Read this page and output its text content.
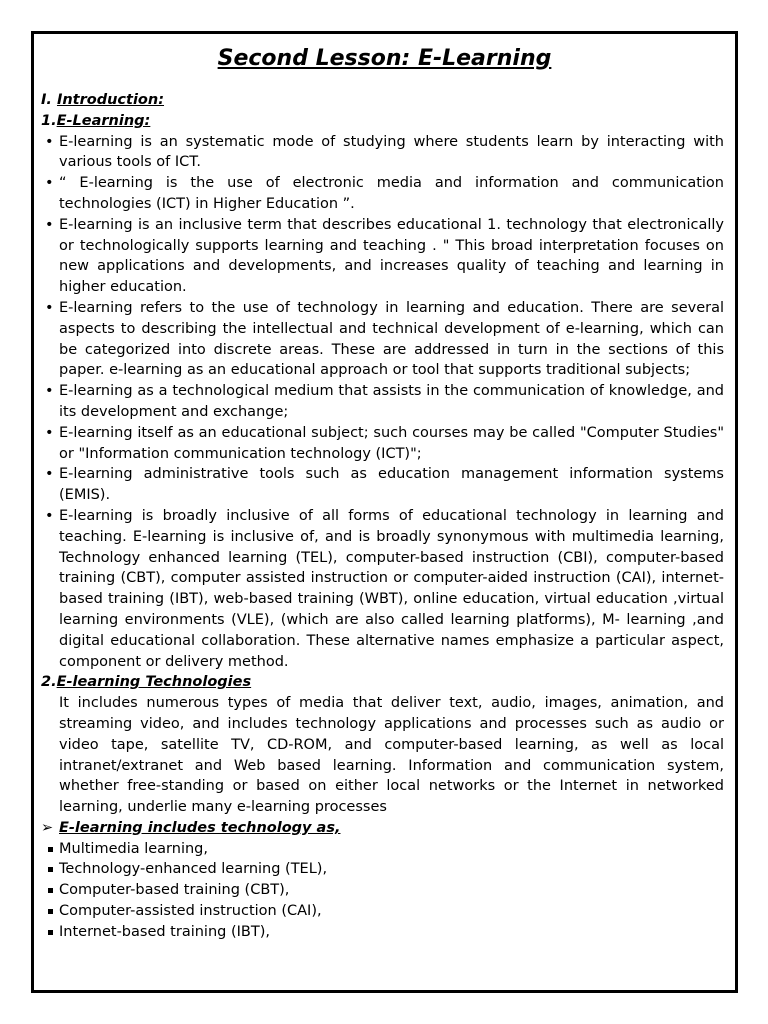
Second Lesson: E-Learning
I. Introduction:
1.E-Learning:
• E-learning is an systematic mode of studying where students learn by interacting with various tools of ICT.
• “ E-learning is the use of electronic media and information and communication technologies (ICT) in Higher Education ”.
• E-learning is an inclusive term that describes educational 1. technology that electronically or technologically supports learning and teaching . " This broad interpretation focuses on new applications and developments, and increases quality of teaching and learning in higher education.
• E-learning refers to the use of technology in learning and education. There are several aspects to describing the intellectual and technical development of e-learning, which can be categorized into discrete areas. These are addressed in turn in the sections of this paper. e-learning as an educational approach or tool that supports traditional subjects;
• E-learning as a technological medium that assists in the communication of knowledge, and its development and exchange;
• E-learning itself as an educational subject; such courses may be called "Computer Studies" or "Information communication technology (ICT)";
• E-learning administrative tools such as education management information systems (EMIS).
• E-learning is broadly inclusive of all forms of educational technology in learning and teaching. E-learning is inclusive of, and is broadly synonymous with multimedia learning, Technology enhanced learning (TEL), computer-based instruction (CBI), computer-based training (CBT), computer assisted instruction or computer-aided instruction (CAI), internet-based training (IBT), web-based training (WBT), online education, virtual education ,virtual learning environments (VLE), (which are also called learning platforms), M- learning ,and digital educational collaboration. These alternative names emphasize a particular aspect, component or delivery method.
2.E-learning Technologies
It includes numerous types of media that deliver text, audio, images, animation, and streaming video, and includes technology applications and processes such as audio or video tape, satellite TV, CD-ROM, and computer-based learning, as well as local intranet/extranet and Web based learning. Information and communication system, whether free-standing or based on either local networks or the Internet in networked learning, underlie many e-learning processes
➢ E-learning includes technology as,
Multimedia learning,
Technology-enhanced learning (TEL),
Computer-based training (CBT),
Computer-assisted instruction (CAI),
Internet-based training (IBT),
